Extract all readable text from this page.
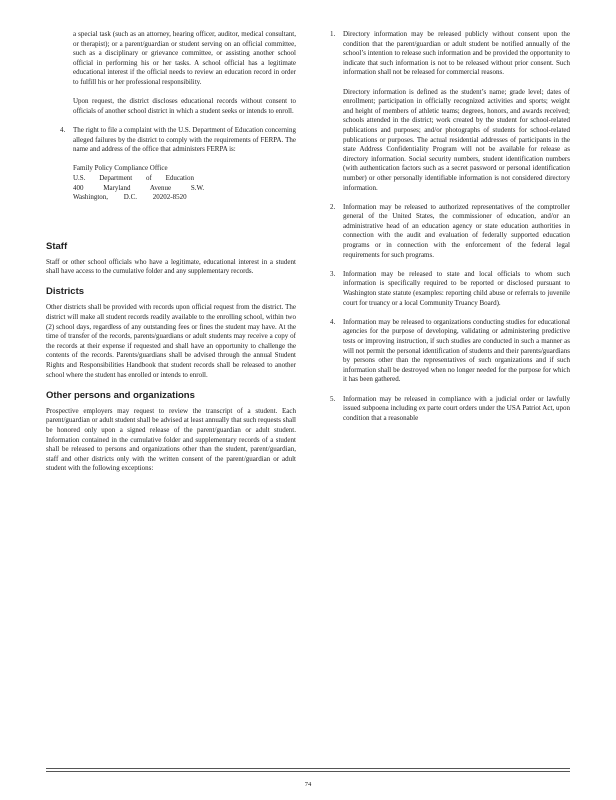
a special task (such as an attorney, hearing officer, auditor, medical consultant, or therapist); or a parent/guardian or student serving on an official committee, such as a disciplinary or grievance committee, or assisting another school official in performing his or her tasks. A school official has a legitimate educational interest if the official needs to review an education record in order to fulfill his or her professional responsibility.

Upon request, the district discloses educational records without consent to officials of another school district in which a student seeks or intends to enroll.

4. The right to file a complaint with the U.S. Department of Education concerning alleged failures by the district to comply with the requirements of FERPA. The name and address of the office that administers FERPA is:

Family Policy Compliance Office
U.S. Department of Education
400 Maryland Avenue S.W.
Washington, D.C. 20202-8520
Staff

Staff or other school officials who have a legitimate, educational interest in a student shall have access to the cumulative folder and any supplementary records.

Districts

Other districts shall be provided with records upon official request from the district. The district will make all student records readily available to the enrolling school, within two (2) school days, regardless of any outstanding fees or fines the student may have. At the time of transfer of the records, parents/guardians or adult students may receive a copy of the records at their expense if requested and shall have an opportunity to challenge the contents of the records. Parents/guardians shall be advised through the annual Student Rights and Responsibilities Handbook that student records shall be released to another school where the student has enrolled or intends to enroll.

Other persons and organizations

Prospective employers may request to review the transcript of a student. Each parent/guardian or adult student shall be advised at least annually that such requests shall be honored only upon a signed release of the parent/guardian or adult student. Information contained in the cumulative folder and supplementary records of a student shall be released to persons and organizations other than the student, parent/guardian, staff and other districts only with the written consent of the parent/guardian or adult student with the following exceptions:

1. Directory information may be released publicly without consent upon the condition that the parent/guardian or adult student be notified annually of the school’s intention to release such information and be provided the opportunity to indicate that such information is not to be released without prior consent. Such information shall not be released for commercial reasons.

Directory information is defined as the student’s name; grade level; dates of enrollment; participation in officially recognized activities and sports; weight and height of members of athletic teams; degrees, honors, and awards received; schools attended in the district; work created by the student for school-related publications and purposes; and/or photographs of students for school-related publications or purposes. The actual residential addresses of participants in the state Address Confidentiality Program will not be available for release as directory information. Social security numbers, student identification numbers (with authentication factors such as a secret password or personal identification number) or other personally identifiable information is not considered directory information.

2. Information may be released to authorized representatives of the comptroller general of the United States, the commissioner of education, and/or an administrative head of an education agency or state education authorities in connection with the audit and evaluation of federally supported education programs or in connection with the enforcement of the federal legal requirements for such programs.

3. Information may be released to state and local officials to whom such information is specifically required to be reported or disclosed pursuant to Washington state statute (examples: reporting child abuse or referrals to juvenile court for truancy or a local Community Truancy Board).

4. Information may be released to organizations conducting studies for educational agencies for the purpose of developing, validating or administering predictive tests or improving instruction, if such studies are conducted in such a manner as will not permit the personal identification of students and their parents/guardians by persons other than the representatives of such organizations and if such information shall be destroyed when no longer needed for the purpose for which it has been gathered.

5. Information may be released in compliance with a judicial order or lawfully issued subpoena including ex parte court orders under the USA Patriot Act, upon condition that a reasonable

74
